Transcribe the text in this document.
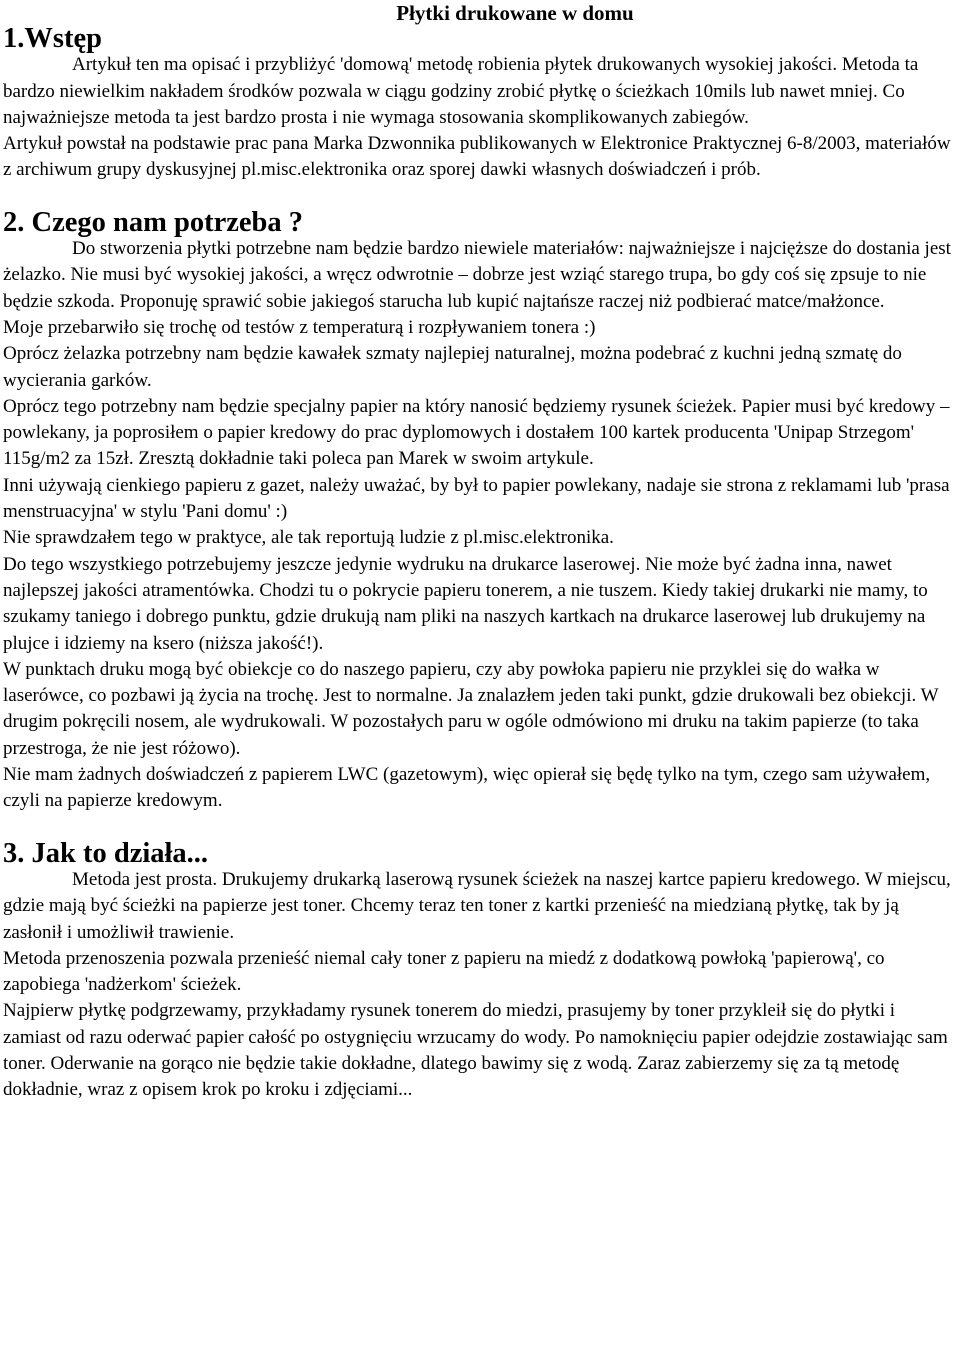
Płytki drukowane w domu
1.Wstęp

Artykuł ten ma opisać i przybliżyć 'domową' metodę robienia płytek drukowanych wysokiej jakości. Metoda ta bardzo niewielkim nakładem środków pozwala w ciągu godziny zrobić płytkę o ścieżkach 10mils lub nawet mniej. Co najważniejsze metoda ta jest bardzo prosta i nie wymaga stosowania skomplikowanych zabiegów.

Artykuł powstał na podstawie prac pana Marka Dzwonnika publikowanych w Elektronice Praktycznej 6-8/2003, materiałów z archiwum grupy dyskusyjnej pl.misc.elektronika oraz sporej dawki własnych doświadczeń i prób.

2. Czego nam potrzeba ?

Do stworzenia płytki potrzebne nam będzie bardzo niewiele materiałów: najważniejsze i najcięższe do dostania jest żelazko. Nie musi być wysokiej jakości, a wręcz odwrotnie – dobrze jest wziąć starego trupa, bo gdy coś się zpsuje to nie będzie szkoda. Proponuję sprawić sobie jakiegoś starucha lub kupić najtańsze raczej niż podbierać matce/małżonce.

Moje przebarwiło się trochę od testów z temperaturą i rozpływaniem tonera :)

Oprócz żelazka potrzebny nam będzie kawałek szmaty najlepiej naturalnej, można podebrać z kuchni jedną szmatę do wycierania garków.

Oprócz tego potrzebny nam będzie specjalny papier na który nanosić będziemy rysunek ścieżek. Papier musi być kredowy – powlekany, ja poprosiłem o papier kredowy do prac dyplomowych i dostałem 100 kartek producenta 'Unipap Strzegom' 115g/m2 za 15zł. Zresztą dokładnie taki poleca pan Marek w swoim artykule.

Inni używają cienkiego papieru z gazet, należy uważać, by był to papier powlekany, nadaje sie strona z reklamami lub 'prasa menstruacyjna' w stylu 'Pani domu' :)

Nie sprawdzałem tego w praktyce, ale tak reportują ludzie z pl.misc.elektronika.

Do tego wszystkiego potrzebujemy jeszcze jedynie wydruku na drukarce laserowej. Nie może być żadna inna, nawet najlepszej jakości atramentówka. Chodzi tu o pokrycie papieru tonerem, a nie tuszem. Kiedy takiej drukarki nie mamy, to szukamy taniego i dobrego punktu, gdzie drukują nam pliki na naszych kartkach na drukarce laserowej lub drukujemy na plujce i idziemy na ksero (niższa jakość!).

W punktach druku mogą być obiekcje co do naszego papieru, czy aby powłoka papieru nie przyklei się do wałka w laserówce, co pozbawi ją życia na trochę. Jest to normalne. Ja znalazłem jeden taki punkt, gdzie drukowali bez obiekcji. W drugim pokręcili nosem, ale wydrukowali. W pozostałych paru w ogóle odmówiono mi druku na takim papierze (to taka przestroga, że nie jest różowo).

Nie mam żadnych doświadczeń z papierem LWC (gazetowym), więc opierał się będę tylko na tym, czego sam używałem, czyli na papierze kredowym.

3. Jak to działa...

Metoda jest prosta. Drukujemy drukarką laserową rysunek ścieżek na naszej kartce papieru kredowego. W miejscu, gdzie mają być ścieżki na papierze jest toner. Chcemy teraz ten toner z kartki przenieść na miedzianą płytkę, tak by ją zasłonił i umożliwił trawienie.

Metoda przenoszenia pozwala przenieść niemal cały toner z papieru na miedź z dodatkową powłoką 'papierową', co zapobiega 'nadżerkom' ścieżek.

Najpierw płytkę podgrzewamy, przykładamy rysunek tonerem do miedzi, prasujemy by toner przykleił się do płytki i zamiast od razu oderwać papier całość po ostygnięciu wrzucamy do wody. Po namoknięciu papier odejdzie zostawiając sam toner. Oderwanie na gorąco nie będzie takie dokładne, dlatego bawimy się z wodą. Zaraz zabierzemy się za tą metodę dokładnie, wraz z opisem krok po kroku i zdjęciami...
